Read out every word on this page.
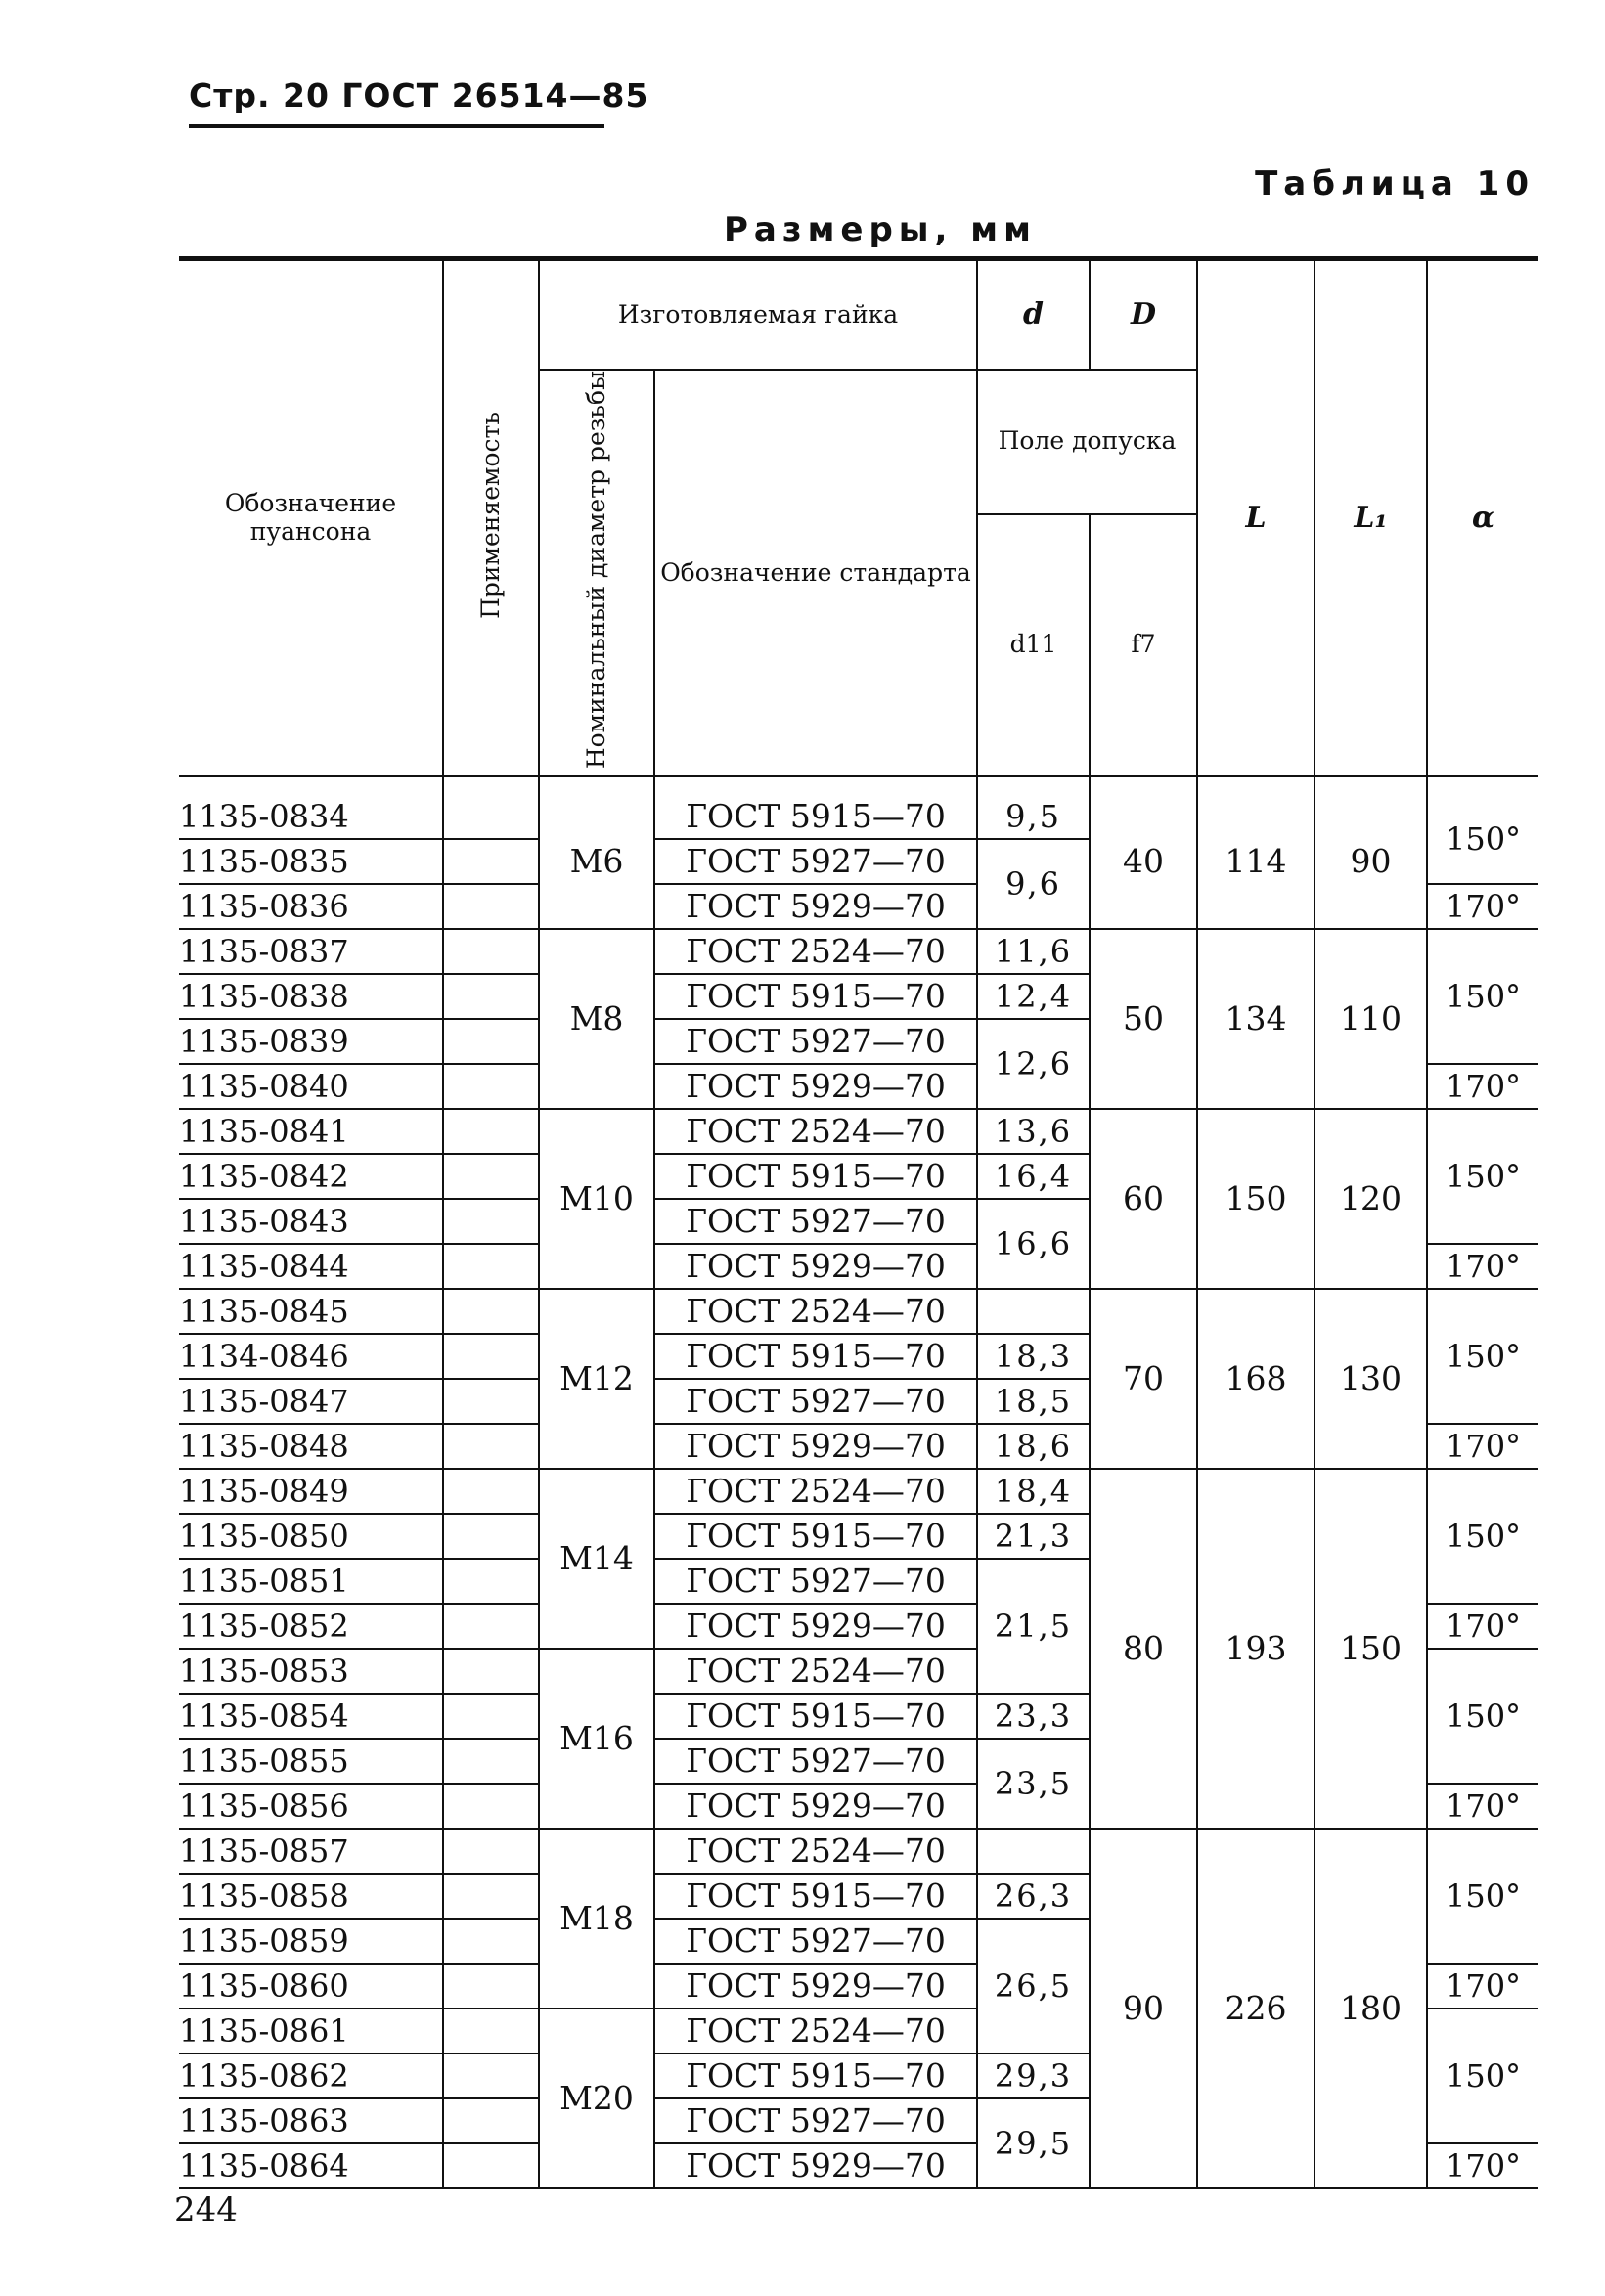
Стр. 20 ГОСТ 26514—85
Таблица 10
Размеры, мм
Обозначение пуансона	Применяемость	Изготовляемая гайка		d	D	L	L₁	α
		Номинальный диаметр резьбы	Обозначение стандарта	Поле допуска				
				d11	f7			

1135-0834		М6	ГОСТ 5915—70	9,5	40	114	90	150°
1135-0835			ГОСТ 5927—70	9,6				
1135-0836			ГОСТ 5929—70					170°
1135-0837		М8	ГОСТ 2524—70	11,6	50	134	110	150°
1135-0838			ГОСТ 5915—70	12,4				
1135-0839			ГОСТ 5927—70	12,6				
1135-0840			ГОСТ 5929—70					170°
1135-0841		М10	ГОСТ 2524—70	13,6	60	150	120	150°
1135-0842			ГОСТ 5915—70	16,4				
1135-0843			ГОСТ 5927—70	16,6				
1135-0844			ГОСТ 5929—70					170°
1135-0845		М12	ГОСТ 2524—70		70	168	130	150°
1134-0846			ГОСТ 5915—70	18,3				
1135-0847			ГОСТ 5927—70	18,5				
1135-0848			ГОСТ 5929—70	18,6				170°
1135-0849		М14	ГОСТ 2524—70	18,4	80	193	150	150°
1135-0850			ГОСТ 5915—70	21,3				
1135-0851			ГОСТ 5927—70	21,5				
1135-0852			ГОСТ 5929—70					170°
1135-0853		М16	ГОСТ 2524—70					150°
1135-0854			ГОСТ 5915—70	23,3				
1135-0855			ГОСТ 5927—70	23,5				
1135-0856			ГОСТ 5929—70					170°
1135-0857		М18	ГОСТ 2524—70		90	226	180	150°
1135-0858			ГОСТ 5915—70	26,3				
1135-0859			ГОСТ 5927—70	26,5				
1135-0860			ГОСТ 5929—70					170°
1135-0861		М20	ГОСТ 2524—70					150°
1135-0862			ГОСТ 5915—70	29,3				
1135-0863			ГОСТ 5927—70	29,5				
1135-0864			ГОСТ 5929—70					170°
244
